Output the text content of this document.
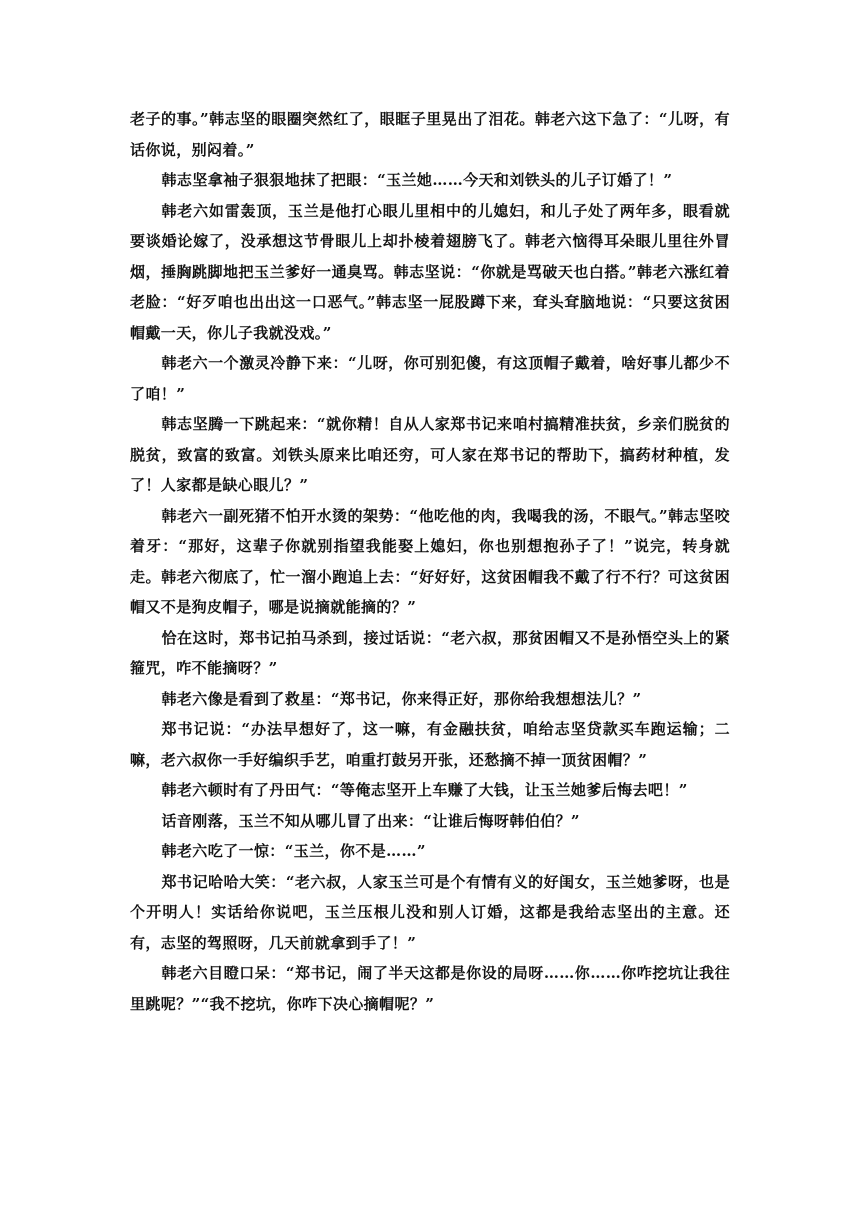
老子的事。”韩志坚的眼圈突然红了，眼眶子里晃出了泪花。韩老六这下急了：“儿呀，有话你说，别闷着。”

韩志坚拿袖子狠狠地抹了把眼：“玉兰她……今天和刘铁头的儿子订婚了！”

韩老六如雷轰顶，玉兰是他打心眼儿里相中的儿媳妇，和儿子处了两年多，眼看就要谈婚论嫁了，没承想这节骨眼儿上却扑棱着翅膀飞了。韩老六恼得耳朵眼儿里往外冒烟，捶胸跳脚地把玉兰爹好一通臭骂。韩志坚说：“你就是骂破天也白搭。”韩老六涨红着老脸：“好歹咱也出出这一口恶气。”韩志坚一屁股蹲下来，耷头耷脑地说：“只要这贫困帽戴一天，你儿子我就没戏。”

韩老六一个激灵冷静下来：“儿呀，你可别犯傻，有这顶帽子戴着，啥好事儿都少不了咱！”

韩志坚腾一下跳起来：“就你精！自从人家郑书记来咱村搞精准扶贫，乡亲们脱贫的脱贫，致富的致富。刘铁头原来比咱还穷，可人家在郑书记的帮助下，搞药材种植，发了！人家都是缺心眼儿？”

韩老六一副死猪不怕开水烫的架势：“他吃他的肉，我喝我的汤，不眼气。”韩志坚咬着牙：“那好，这辈子你就别指望我能娶上媳妇，你也别想抱孙子了！”说完，转身就走。韩老六彻底了，忙一溜小跑追上去：“好好好，这贫困帽我不戴了行不行？可这贫困帽又不是狗皮帽子，哪是说摘就能摘的？”

恰在这时，郑书记拍马杀到，接过话说：“老六叔，那贫困帽又不是孙悟空头上的紧箍咒，咋不能摘呀？”

韩老六像是看到了救星：“郑书记，你来得正好，那你给我想想法儿？”

郑书记说：“办法早想好了，这一嘛，有金融扶贫，咱给志坚贷款买车跑运输；二嘛，老六叔你一手好编织手艺，咱重打鼓另开张，还愁摘不掉一顶贫困帽？”

韩老六顿时有了丹田气：“等俺志坚开上车赚了大钱，让玉兰她爹后悔去吧！”

话音刚落，玉兰不知从哪儿冒了出来：“让谁后悔呀韩伯伯？”

韩老六吃了一惊：“玉兰，你不是……”

郑书记哈哈大笑：“老六叔，人家玉兰可是个有情有义的好闺女，玉兰她爹呀，也是个开明人！实话给你说吧，玉兰压根儿没和别人订婚，这都是我给志坚出的主意。还有，志坚的驾照呀，几天前就拿到手了！”

韩老六目瞪口呆：“郑书记，闹了半天这都是你设的局呀……你……你咋挖坑让我往里跳呢？”“我不挖坑，你咋下决心摘帽呢？”
